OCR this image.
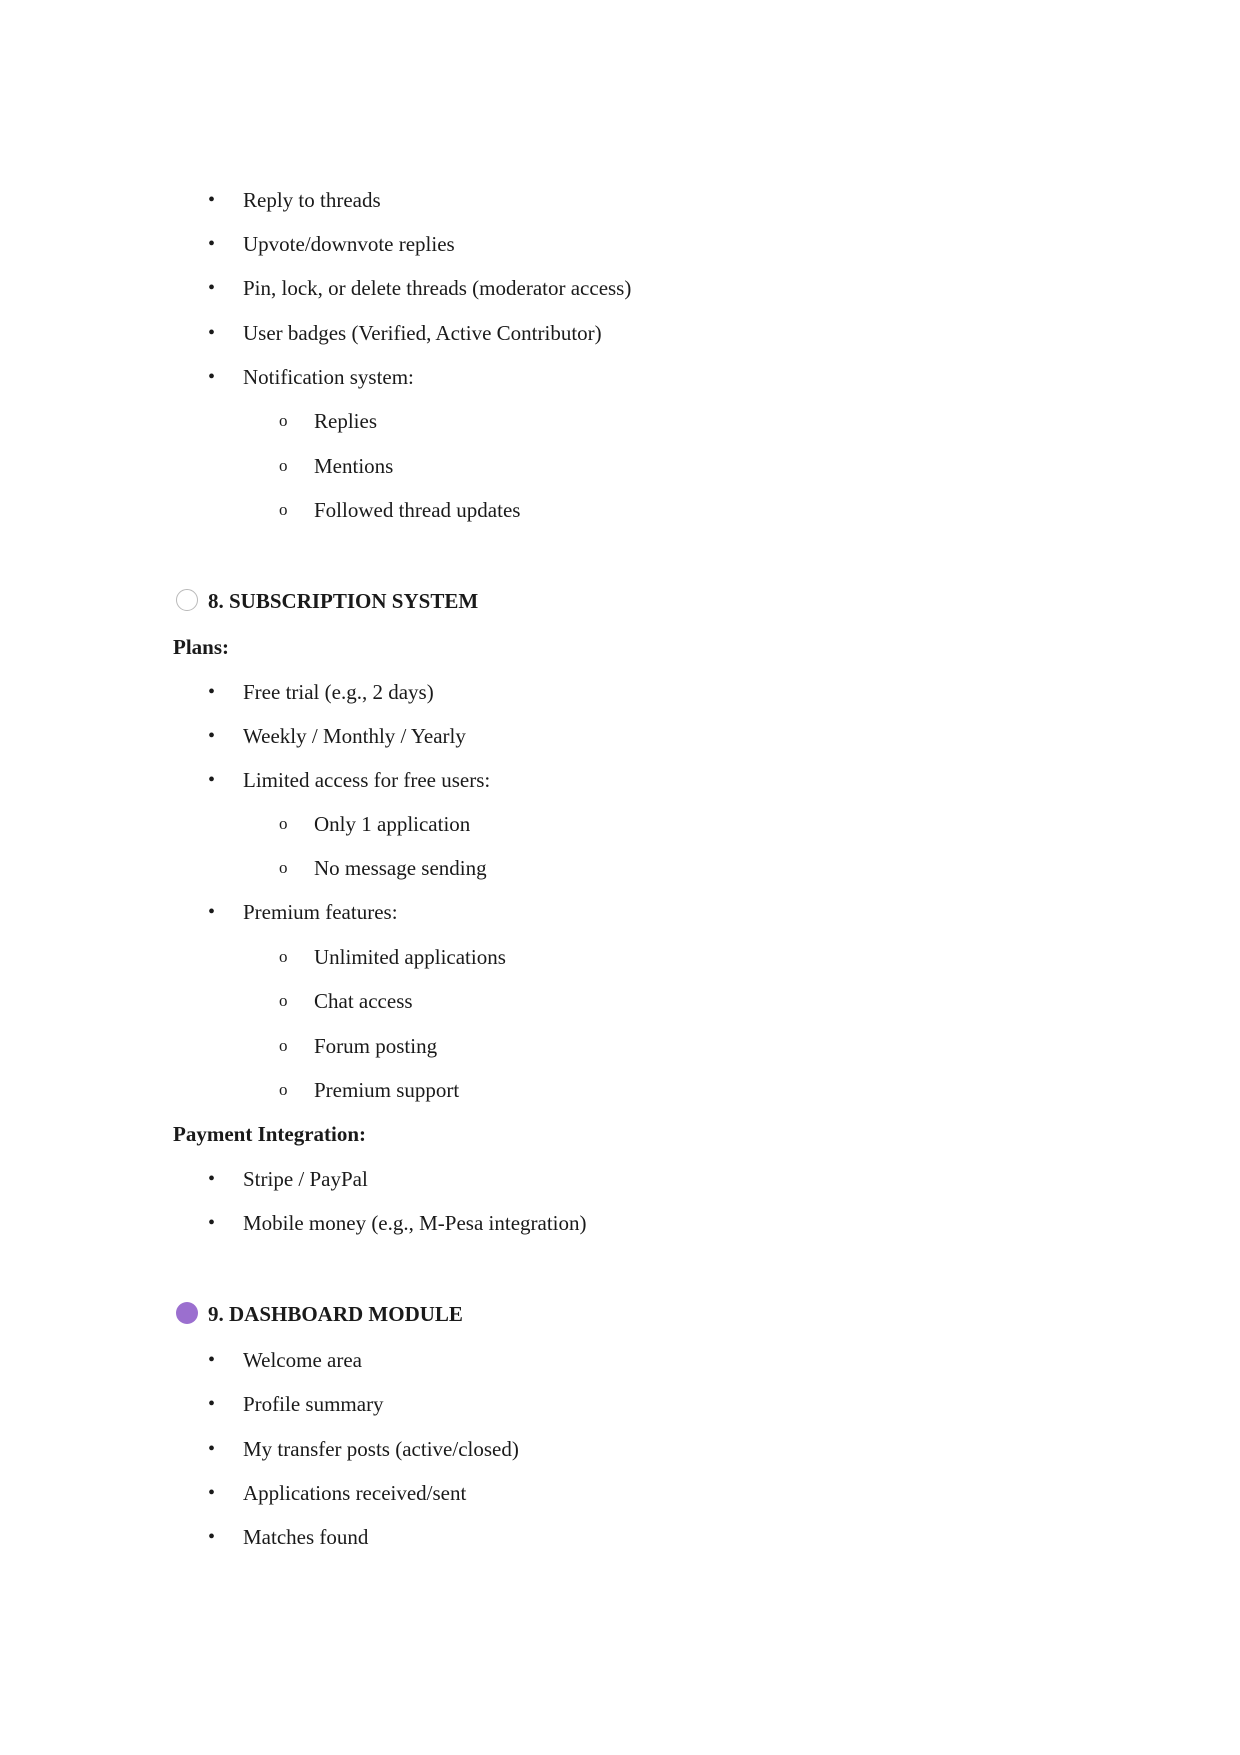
• Reply to threads
• Upvote/downvote replies
• Pin, lock, or delete threads (moderator access)
• User badges (Verified, Active Contributor)
• Notification system:
o Replies
o Mentions
o Followed thread updates
8. SUBSCRIPTION SYSTEM
Plans:
• Free trial (e.g., 2 days)
• Weekly / Monthly / Yearly
• Limited access for free users:
o Only 1 application
o No message sending
• Premium features:
o Unlimited applications
o Chat access
o Forum posting
o Premium support
Payment Integration:
• Stripe / PayPal
• Mobile money (e.g., M-Pesa integration)
9. DASHBOARD MODULE
• Welcome area
• Profile summary
• My transfer posts (active/closed)
• Applications received/sent
• Matches found
